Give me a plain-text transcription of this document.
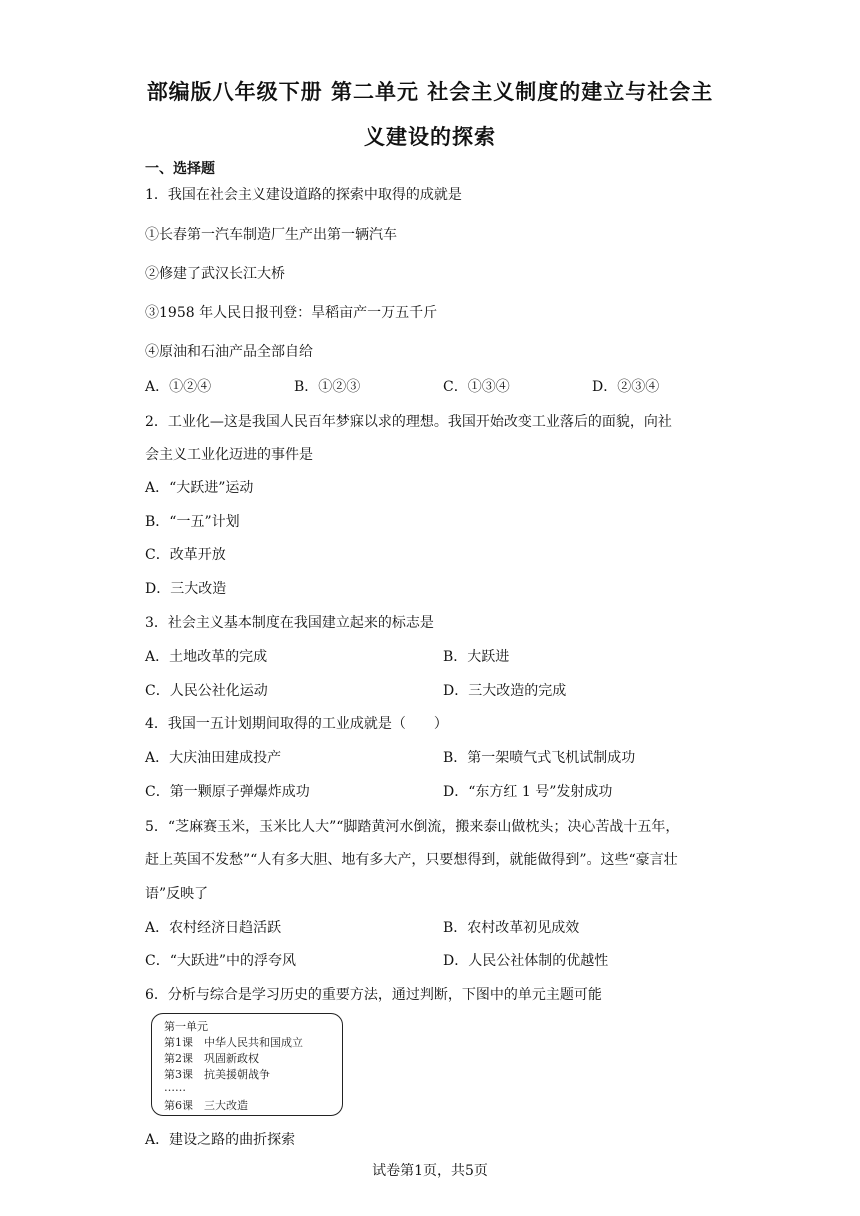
部编版八年级下册 第二单元 社会主义制度的建立与社会主
义建设的探索
一、选择题
1．我国在社会主义建设道路的探索中取得的成就是
①长春第一汽车制造厂生产出第一辆汽车
②修建了武汉长江大桥
③1958 年人民日报刊登：旱稻亩产一万五千斤
④原油和石油产品全部自给
A．①②④	B．①②③	C．①③④	D．②③④
2．工业化—这是我国人民百年梦寐以求的理想。我国开始改变工业落后的面貌，向社
会主义工业化迈进的事件是
A．“大跃进”运动
B．“一五”计划
C．改革开放
D．三大改造
3．社会主义基本制度在我国建立起来的标志是
A．土地改革的完成	B．大跃进
C．人民公社化运动	D．三大改造的完成
4．我国一五计划期间取得的工业成就是（　　）
A．大庆油田建成投产	B．第一架喷气式飞机试制成功
C．第一颗原子弹爆炸成功	D．“东方红 1 号”发射成功
5．“芝麻赛玉米，玉米比人大”“脚踏黄河水倒流，搬来泰山做枕头；决心苦战十五年，
赶上英国不发愁”“人有多大胆、地有多大产，只要想得到，就能做得到”。这些“豪言壮
语”反映了
A．农村经济日趋活跃	B．农村改革初见成效
C．“大跃进”中的浮夸风	D．人民公社体制的优越性
6．分析与综合是学习历史的重要方法，通过判断，下图中的单元主题可能
第一单元
第1课　中华人民共和国成立
第2课　巩固新政权
第3课　抗美援朝战争
……
第6课　三大改造
A．建设之路的曲折探索
试卷第1页，共5页
